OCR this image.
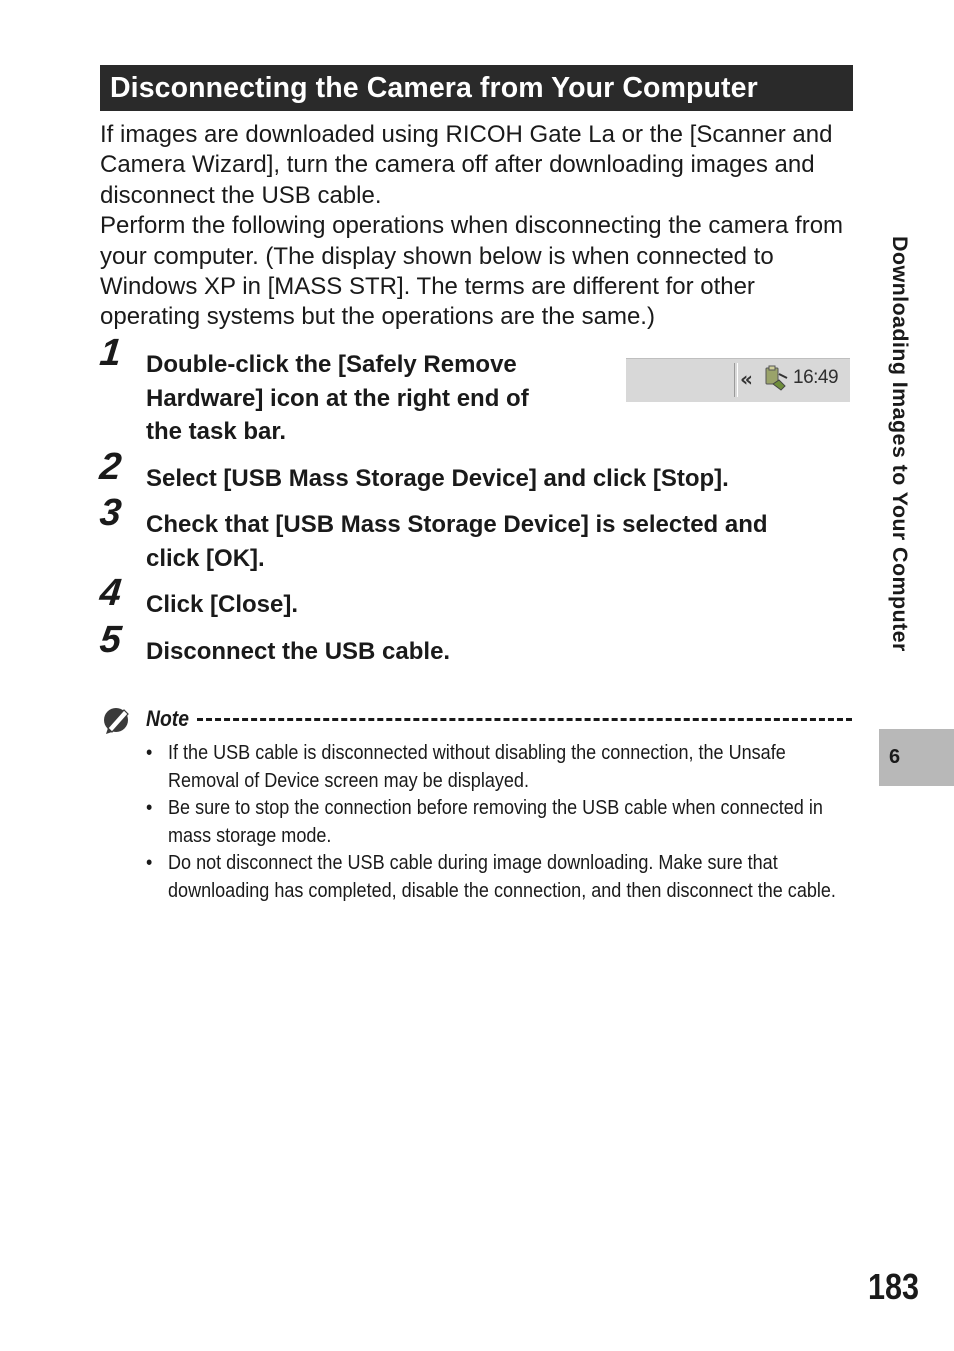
Disconnecting the Camera from Your Computer

If images are downloaded using RICOH Gate La or the [Scanner and Camera Wizard], turn the camera off after downloading images and disconnect the USB cable.

Perform the following operations when disconnecting the camera from your computer. (The display shown below is when connected to Windows XP in [MASS STR]. The terms are different for other operating systems but the operations are the same.)

1 Double-click the [Safely Remove
Hardware] icon at the right end of
the task bar.
« 16:49
2 Select [USB Mass Storage Device] and click [Stop].
3 Check that [USB Mass Storage Device] is selected and
click [OK].
4 Click [Close].
5 Disconnect the USB cable.
Note
• If the USB cable is disconnected without disabling the connection, the Unsafe Removal of Device screen may be displayed.
• Be sure to stop the connection before removing the USB cable when connected in mass storage mode.
• Do not disconnect the USB cable during image downloading. Make sure that downloading has completed, disable the connection, and then disconnect the cable.
Downloading Images to Your Computer
6
183
